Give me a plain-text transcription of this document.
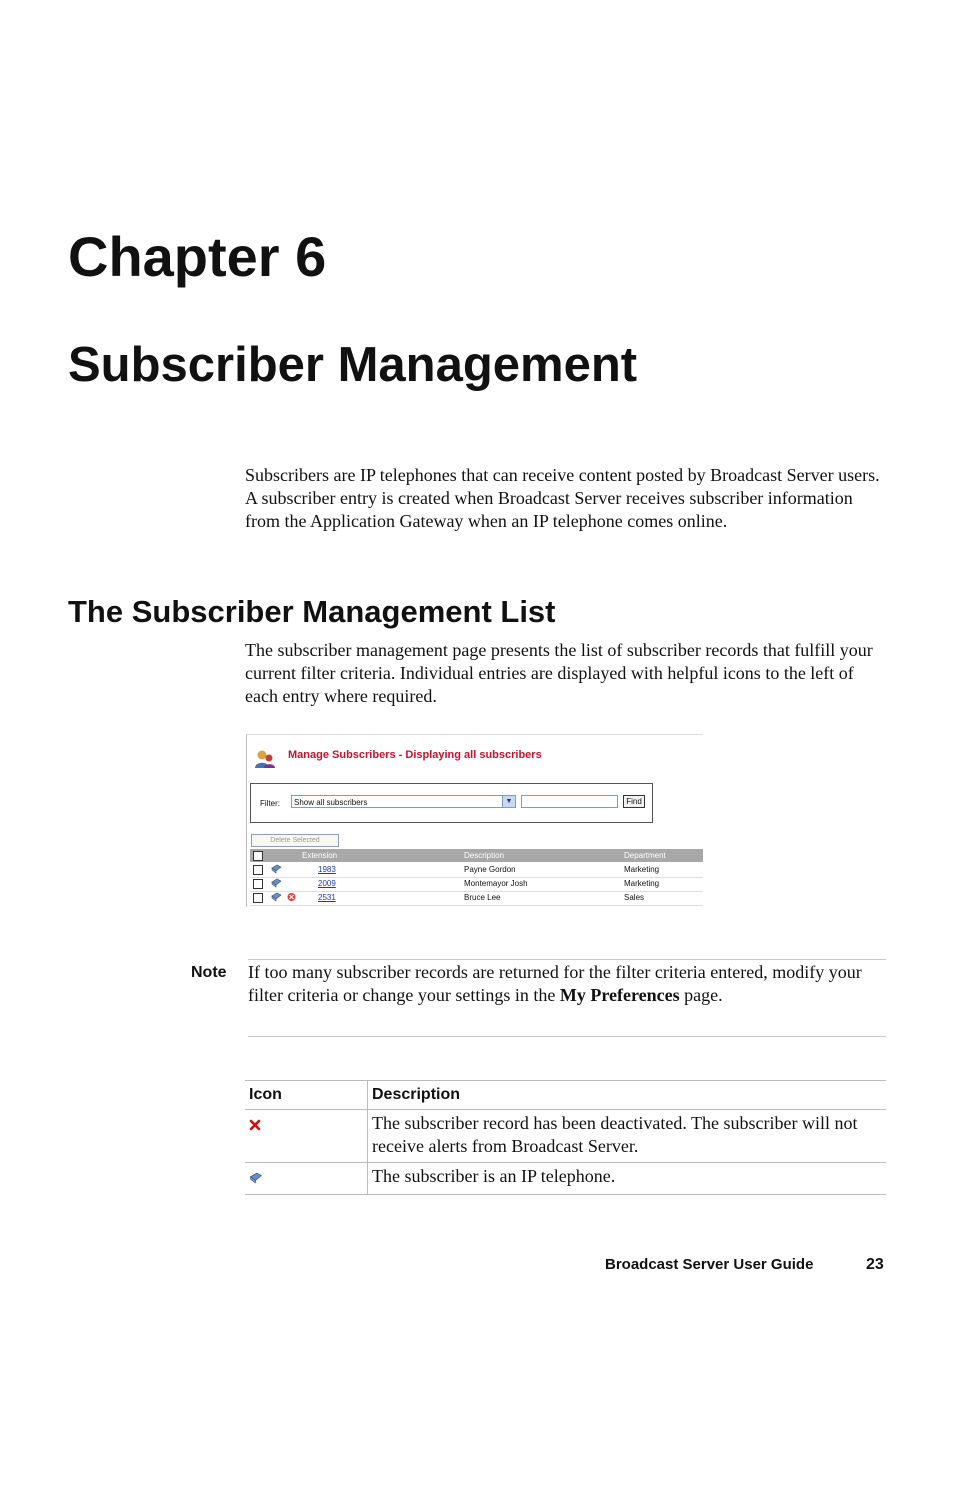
Chapter 6
Subscriber Management

Subscribers are IP telephones that can receive content posted by Broadcast Server users. A subscriber entry is created when Broadcast Server receives subscriber information from the Application Gateway when an IP telephone comes online.

The Subscriber Management List

The subscriber management page presents the list of subscriber records that fulfill your current filter criteria. Individual entries are displayed with helpful icons to the left of each entry where required.

Manage Subscribers - Displaying all subscribers
Filter:	Show all subscribers	▼	Find
Delete Selected
Extension	Description	Department
1983	Payne Gordon	Marketing
2009	Montemayor Josh	Marketing
2531	Bruce Lee	Sales
Note If too many subscriber records are returned for the filter criteria entered, modify your filter criteria or change your settings in the My Preferences page.

Icon	Description
	The subscriber record has been deactivated. The subscriber will not receive alerts from Broadcast Server.
	The subscriber is an IP telephone.
Broadcast Server User Guide	23
